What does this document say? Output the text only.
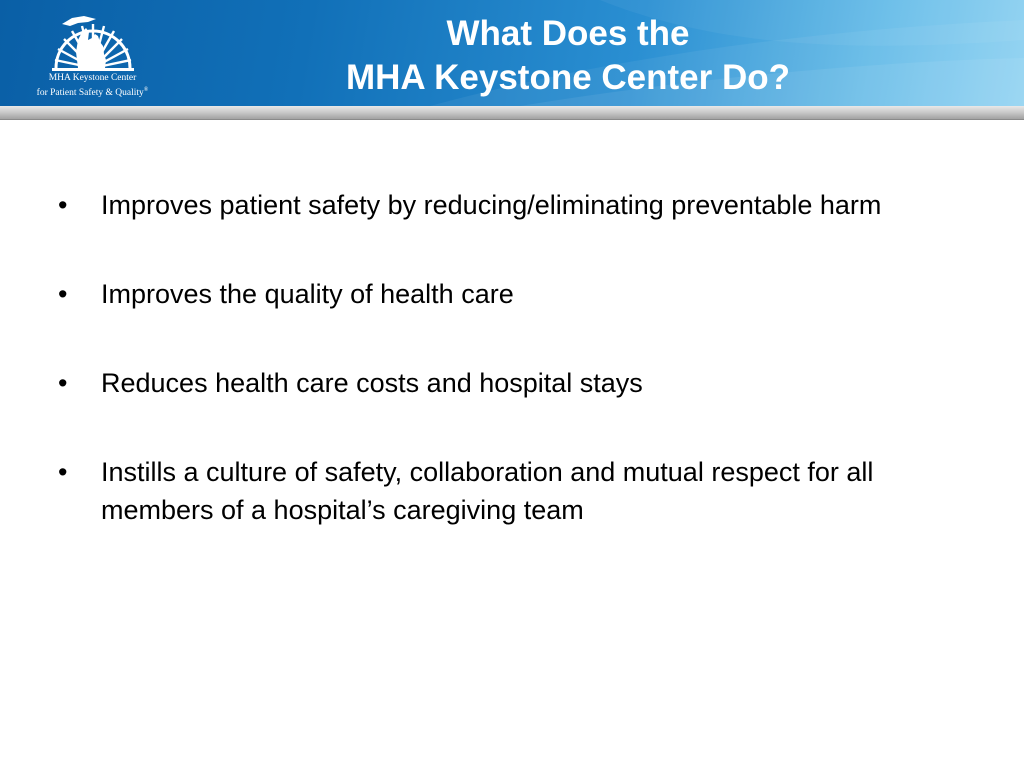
MHA Keystone Center
for Patient Safety & Quality®
What Does the
MHA Keystone Center Do?
• Improves patient safety by reducing/eliminating preventable harm
• Improves the quality of health care
• Reduces health care costs and hospital stays
• Instills a culture of safety, collaboration and mutual respect for all members of a hospital’s caregiving team
